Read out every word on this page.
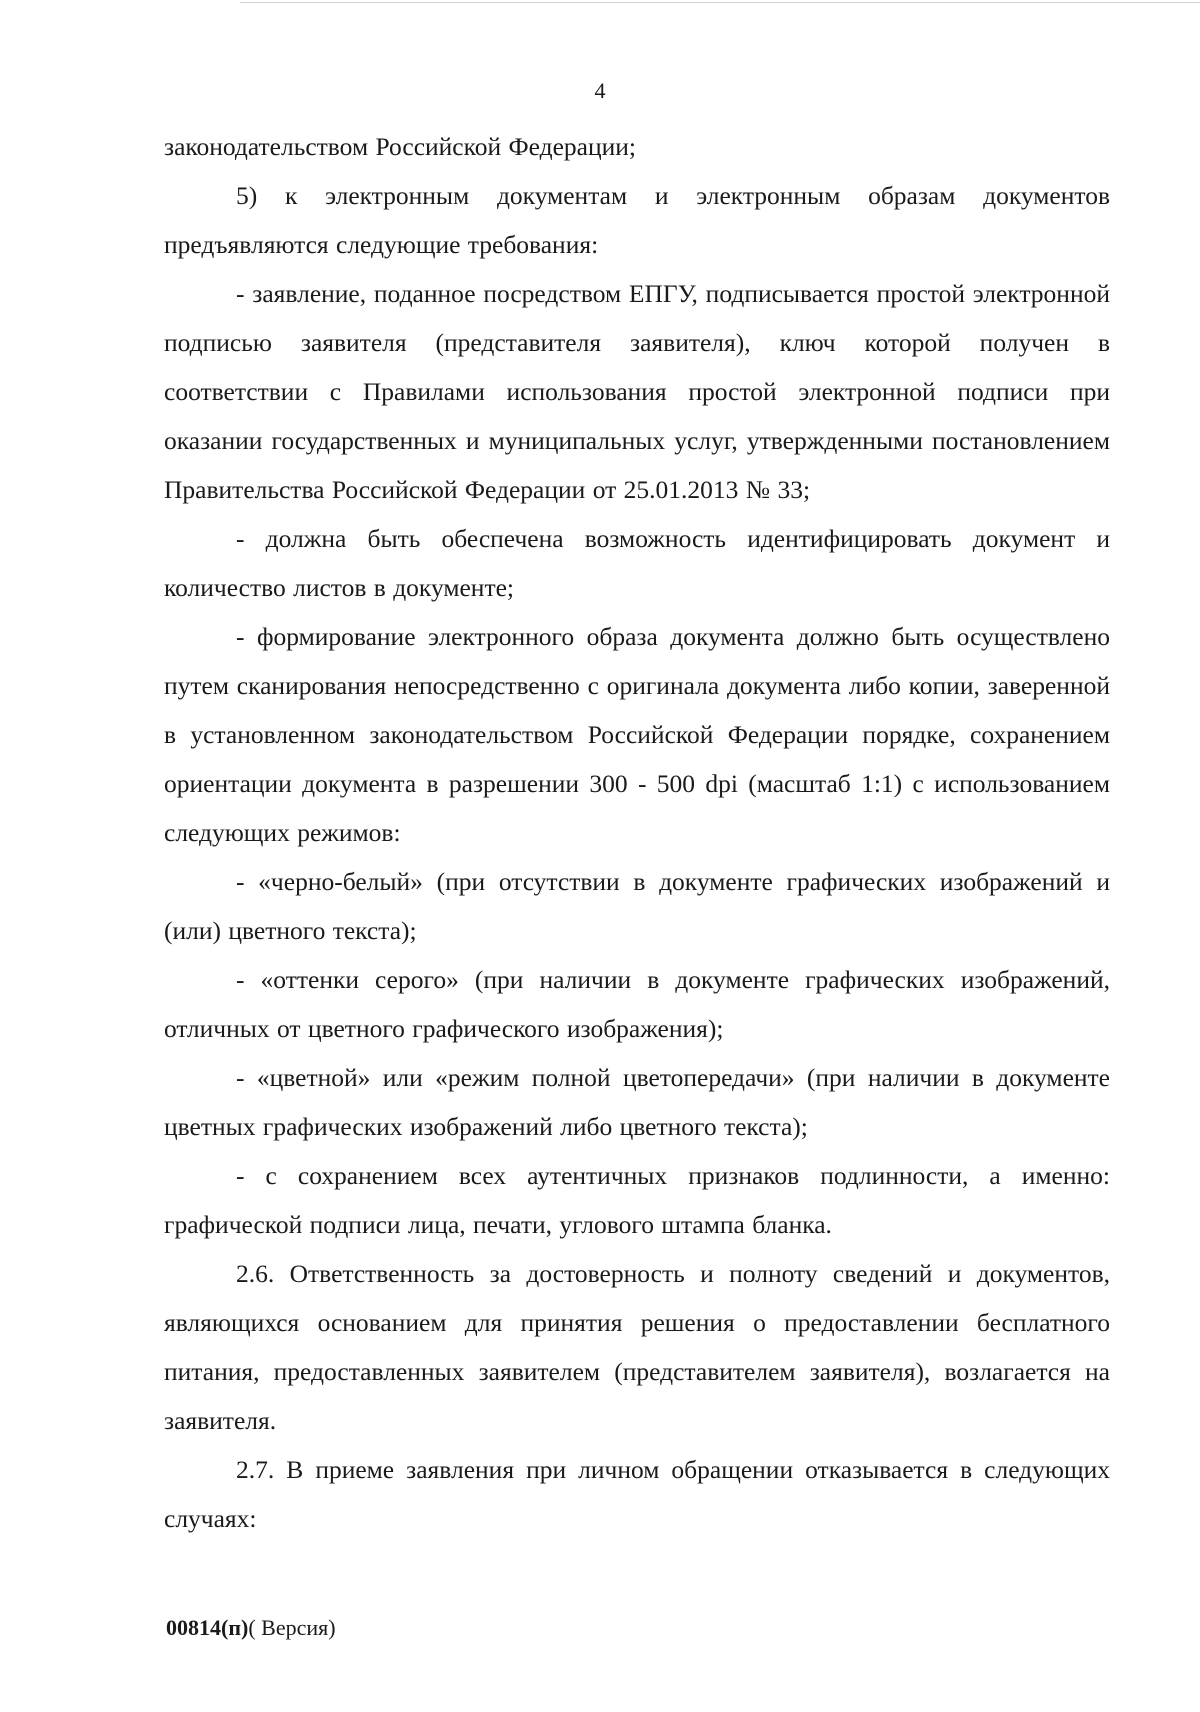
4

законодательством Российской Федерации;

5) к электронным документам и электронным образам документов предъявляются следующие требования:

- заявление, поданное посредством ЕПГУ, подписывается простой электронной подписью заявителя (представителя заявителя), ключ которой получен в соответствии с Правилами использования простой электронной подписи при оказании государственных и муниципальных услуг, утвержденными постановлением Правительства Российской Федерации от 25.01.2013 № 33;

- должна быть обеспечена возможность идентифицировать документ и количество листов в документе;

- формирование электронного образа документа должно быть осуществлено путем сканирования непосредственно с оригинала документа либо копии, заверенной в установленном законодательством Российской Федерации порядке, сохранением ориентации документа в разрешении 300 - 500 dpi (масштаб 1:1) с использованием следующих режимов:

- «черно-белый» (при отсутствии в документе графических изображений и (или) цветного текста);

- «оттенки серого» (при наличии в документе графических изображений, отличных от цветного графического изображения);

- «цветной» или «режим полной цветопередачи» (при наличии в документе цветных графических изображений либо цветного текста);

- с сохранением всех аутентичных признаков подлинности, а именно: графической подписи лица, печати, углового штампа бланка.

2.6. Ответственность за достоверность и полноту сведений и документов, являющихся основанием для принятия решения о предоставлении бесплатного питания, предоставленных заявителем (представителем заявителя), возлагается на заявителя.

2.7. В приеме заявления при личном обращении отказывается в следующих случаях:

00814(п)( Версия)
